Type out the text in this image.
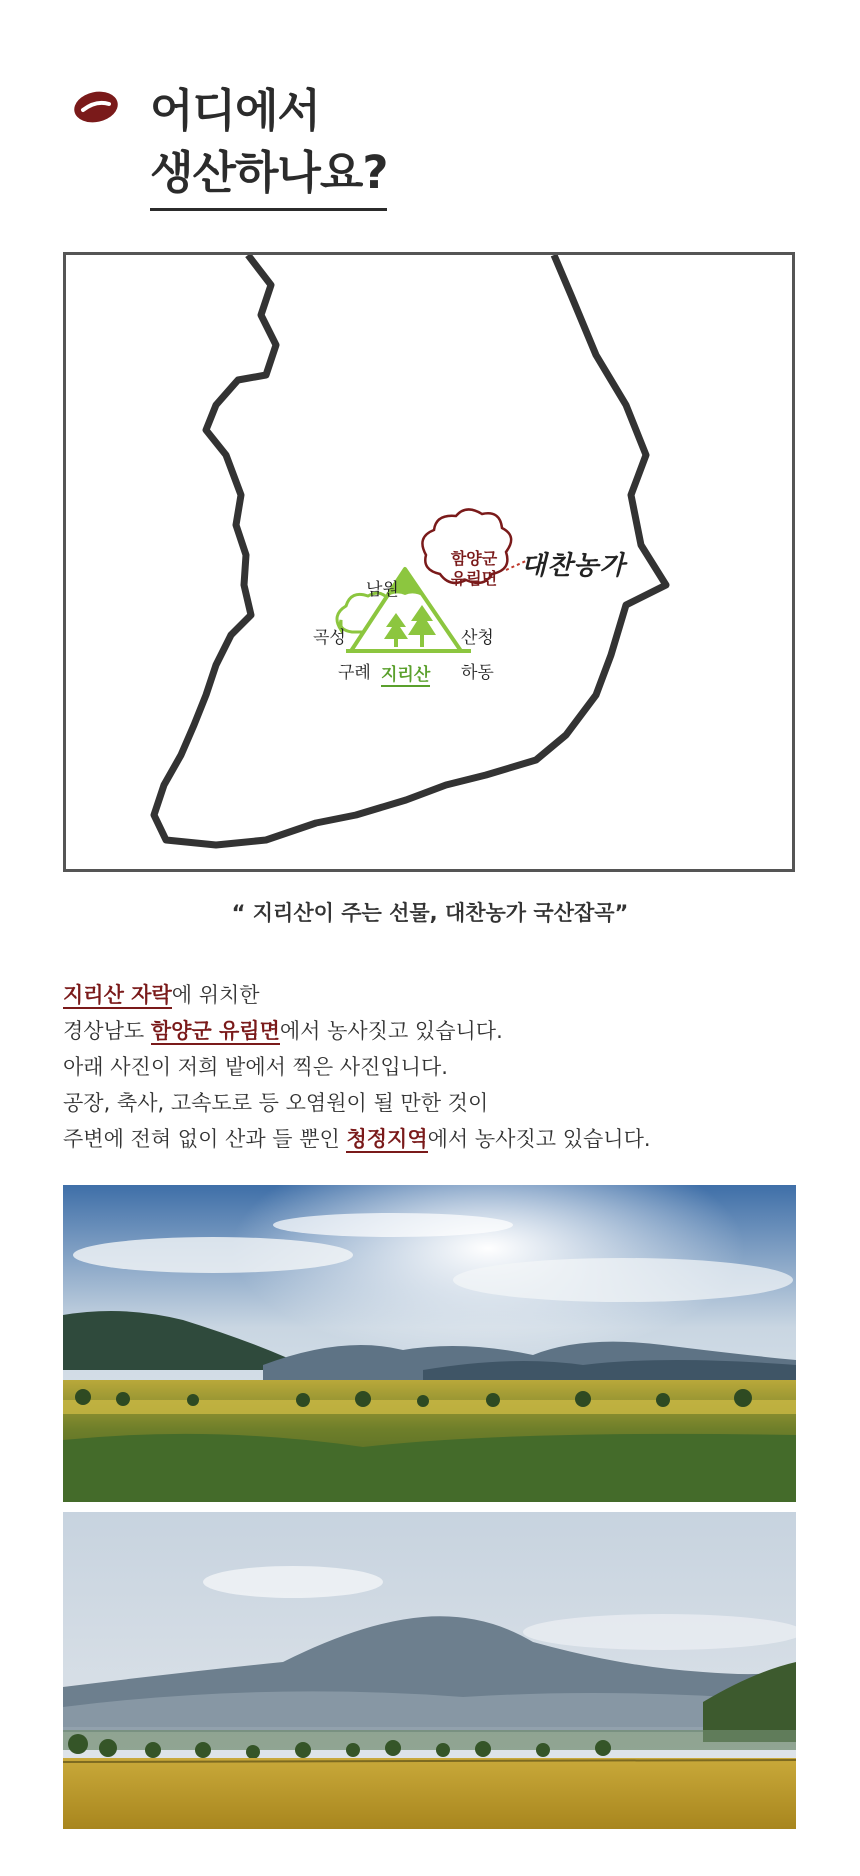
어디에서
생산하나요?
대찬농가
함양군
유림면
남원
곡성	산청
구례	하동
지리산
“ 지리산이 주는 선물, 대찬농가 국산잡곡”
지리산 자락에 위치한
경상남도 함양군 유림면에서 농사짓고 있습니다.
아래 사진이 저희 밭에서 찍은 사진입니다.
공장, 축사, 고속도로 등 오염원이 될 만한 것이
주변에 전혀 없이 산과 들 뿐인 청정지역에서 농사짓고 있습니다.
